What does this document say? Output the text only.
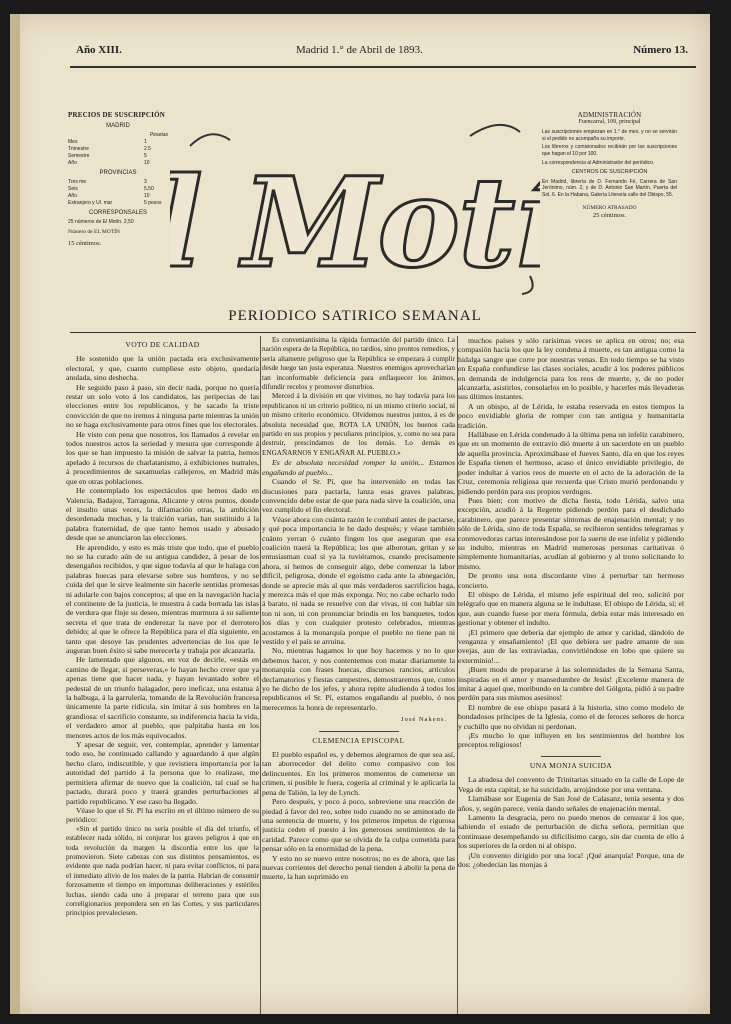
Año XIII.	Madrid 1.° de Abril de 1893.	Número 13.
PRECIOS DE SUSCRIPCIÓN
MADRID
Pesetas
Mes	1
Trimestre	2.5
Semestre	5
Año	10
PROVINCIAS
Tres me	3
Seis	5,50
Año	10
Extranjero y Ul. mar	5 pesos
CORRESPONSALES
25 números de El Motín. 2,50
Número de EL MOTÍN
15 céntimos.	Mot
ADMINISTRACIÓN
Fuencarral, 109, principal

Las suscripciones empiezan en 1.° de mes, y no se servirán si el pedido no acompaña su importe.

Los libreros y comisionados recibirán por las suscripciones que hagan el 10 por 100.

La correspondencia al Administrador del periódico.

CENTROS DE SUSCRIPCIÓN

En Madrid, librería de D. Fernando Fé, Carrera de San Jerónimo, núm. 2, y de D. Antonio San Martín, Puerta del Sol, 6. En la Habana, Galería Literaria calle del Obispo, 55.

NÚMERO ATRASADO
25 céntimos.
PERIODICO SATIRICO SEMANAL
VOTO DE CALIDAD

He sostenido que la unión pactada era exclusivamente electoral, y que, cuanto cumpliese este objeto, quedaría anulada, sino deshecha.

He seguido paso á paso, sin decir nada, porque no quería restar un solo voto á los candidatos, las peripecias de las elecciones entre los republicanos, y he sacado la triste convicción de que no iremos á ninguna parte mientras la unión no se haga exclusivamente para otros fines que los electorales.

He visto con pena que nosotros, los llamados á revelar en todos nuestros actos la seriedad y mesura que corresponde á los que se han impuesto la misión de salvar la patria, hemos apelado á recursos de charlatanismo, á exhibiciones teatrales, á procedimientos de saxamuelas callejeros, en Madrid más que en otras poblaciones.

He contemplado los espectáculos que hemos dado en Valencia, Badajoz, Tarragona, Alicante y otros puntos, donde el insulto unas veces, la difamación otras, la ambición desordenada muchas, y la traición varias, han sustituido á la palabra fraternidad, de que tanto hemos usado y abusado desde que se anunciaron las elecciones.

He aprendido, y esto es más triste que todo, que el pueblo no se ha curado aún de su antigua candidez, á pesar de los desengaños recibidos, y que sigue todavía al que le halaga con palabras huecas para elevarse sobre sus hombros, y no se cuida del que le sirve lealmente sin hacerle sentidas promesas ni adularle con bajos conceptos; al que en la navegación hacia el continente de la justicia, le muestra á cada borrada las islas de verdura que finje su deseo, mientras murmura á su saliente secreta el que trata de enderezar la nave por el derrotero debido; al que le ofrece la República para el día siguiente, en tanto que desoye las prudentes advertencias de los que le auguran buen éxito si sabe merecerla y trabaja por alcanzarla.

He lamentado que algunos, en voz de decirle, «estás en camino de llegar, si perseveras,» le hayan hecho creer que ya apenas tiene que hacer nada, y hayan levantado sobre el pedestal de un triunfo halagador, pero ineficaz, una estatua á la balbuga, á la garrulería, tomando de la Revolución francesa únicamente la parte ridícula, sin imitar á sus hombres en la grandiosa: el sacrificio constante, su indiferencia hacia la vida, el verdadero amor al pueblo, que palpitaba hasta en los menores actos de los más equivocados.

Y apesar de seguir, ver, contemplar, aprender y lamentar todo eso, he continuado callando y aguardando á que algún hecho claro, indiscutible, y que revistiera importancia por la autoridad del partido á la persona que lo realizase, me permitiera afirmar de nuevo que la coalición, tal cual se ha pactado, durará poco y traerá grandes perturbaciones al partido republicano. Y ese caso ha llegado.

Véase lo que el Sr. Pí ha escrito en el último número de su periódico:

«Sin el partido único no sería posible el día del triunfo, el establecer nada sólido, ni conjurar los graves peligros á que en toda revolución da margen la discordia entre los que la promovieron. Siete cabezas con sus distintos pensamientos, es evidente que nada podrían hacer, ni para evitar conflictos, ni para el inmediato alivio de los males de la patria. Habrían de consumir forzosamente el tiempo en importunas deliberaciones y estériles luchas, siendo cada uno á preparar el terreno para que sus correligionarios prepondera sen en las Cortes, y sus particulares principios prevaleciesen.

Es conveniantísima la rápida formación del partido único. La nación espera de la República, no tardíos, sino prontos remedios, y sería altamente peligroso que la República se empezara á cumplir desde luego tan justa esperanza. Nuestros enemigos aprovecharían tan inconformable deficiencia para enflaquecer los ánimos, difundir recelos y promover disturbios.

Merced á la división en que vivimos, no hay todavía para los republicanos ni un criterio político, ni un mismo criterio social, ni un mismo criterio económico. Olvidemos nuestros juntos, á es de absoluta necesidad que, ROTA LA UNIÓN, los buenos cada partido en sus propios y peculiares principios, y, como no sea para destruir, prescindamos de los demás. Lo demás es ENGAÑARNOS Y ENGAÑAR AL PUEBLO.»

Es de absoluta necesidad romper la unión... Estamos engañando al pueblo...

Cuando el Sr. Pí, que ha intervenido en todas las discusiones para pactarla, lanza esas graves palabras, convencido debe estar de que para nada sirve la coalición, una vez cumplido el fin electoral.

Véase ahora con cuánta razón le combatí antes de pactarse, y qué poca importancia le he dado después; y véase también cuánto yerran ó cuánto fingen los que aseguran que esa coalición traerá la República; los que alborotan, gritan y se entusiasman cual si ya la tuviéramos, cuando precisamente ahora, si hemos de conseguir algo, debe comenzar la labor difícil, peligrosa, donde el egoísmo cada ante la abnegación, donde se aprecie más al que más verdaderos sacrificios haga, y merezca más el que más exponga. No; no cabe echarlo todo á barato, ni nada se resuelve con dar vivas, ni con hablar sin ton ni son, ni con pronunciar brindis en los banquetes, todos los días y con cualquier protesto celebrados, mientras acostamos á la monarquía porque el pueblo no tiene pan ni vestido y el país se arruina.

No, mientras hagamos lo que hoy hacemos y no lo que debemos hacer, y nos contentemos con matar diariamente la monarquía con frases huecas, discursos rancios, artículos declamatorios y fiestas campestres, demostraremos que, como yo he dicho de los jefes, y ahora repite aludiendo á todos los republicanos el Sr. Pí, estamos engañando al pueblo, ó nos merecemos la honra de representarlo.

José Nakens.

CLEMENCIA EPISCOPAL

El pueblo español es, y debemos alegrarnos de que sea así, tan aborrecedor del delito como compasivo con los delincuentes. En los primeros momentos de cometerse un crimen, si posible le fuera, cogería al criminal y le aplicaría la pena de Talión, la ley de Lynch.

Pero después, y poco á poco, sobreviene una reacción de piedad á favor del reo, sobre todo cuando no se aminorado de una sentencia de muerte, y los primeros ímpetus de rigurosa justicia ceden el puesto á los generosos sentimientos de la caridad. Parece como que se olvida de la culpa cometida para pensar sólo en la enormidad de la pena.

Y esto no se nuevo entre nosotros; no es de ahora, que las nuevas corrientes del derecho penal tienden á abolir la pena de muerte, la han suprimido en

muchos países y sólo rarísimas veces se aplica en otros; no; esa compasión hacia los que la ley condena á muerte, es tan antigua como la hidalga sangre que corre por nuestras venas. En todo tiempo se ha visto en España confundirse las clases sociales, acudir á los poderes públicos en demanda de indulgencia para los reos de muerte, y, de no poder alcanzarla, asistirlos, consolarlos en lo posible, y hacerles más llevaderas sus últimos instantes.

A un obispo, al de Lérida, le estaba reservada en estos tiempos la poco envidiable gloria de romper con tan antigua y humanitaria tradición.

Hallábase en Lérida condenado á la última pena un infeliz carabinero, que en un momento de extravío dió muerte á un sacerdote en un pueblo de aquella provincia. Aproximábase el Jueves Santo, día en que los reyes de España tienen el hermoso, acaso el único envidiable privilegio, de poder indultar á varios reos de muerte en el acto de la adoración de la Cruz, ceremonia religiosa que recuerda que Cristo murió perdonando y pidiendo perdón para sus propios verdugos.

Pues bien; con motivo de dicha fiesta, todo Lérida, salvo una excepción, acudió á la Regente pidiendo perdón para el desdichado carabinero, que parece presentar síntomas de enajenación mental; y no sólo de Lérida, sino de toda España, se recibieron sentidos telegramas y conmovedoras cartas interesándose por la suerte de ese infeliz y pidiendo su indulto, mientras en Madrid numerosas personas caritativas ó simplemente humanitarias, acudían al gobierno y al trono solicitando lo mismo.

De pronto una nota discordante vino á perturbar tan hermoso concierto.

El obispo de Lérida, el mismo jefe espiritual del reo, solicitó por telégrafo que en manera alguna se le indultase. El obispo de Lérida, sí; el que, aun cuando fuese por mera fórmula, debía estar más interesado en gestionar y obtener el indulto.

¡El primero que debería dar ejemplo de amor y caridad, dándolo de venganza y ensañamiento! ¡El que debiera ser padre amante de sus ovejas, aun de las extraviadas, convirtiéndose en lobo que quiere su exterminio!...

¡Buen modo de prepararse á las solemnidades de la Semana Santa, inspiradas en el amor y mansedumbre de Jesús! ¡Excelente manera de imitar á aquel que, moribundo en la cumbre del Gólgota, pidió á su padre perdón para sus mismos asesinos!

El nombre de ese obispo pasará á la historia, sino como modelo de bondadosos príncipes de la Iglesia, como el de feroces señores de horca y cuchillo que no olvidan ni perdonan.

¡Es mucho lo que influyen en los sentimientos del hombre los preceptos religiosos!

UNA MONJA SUICIDA

La abadesa del convento de Trinitarias situado en la calle de Lope de Vega de esta capital, se ha suicidado, arrojándose por una ventana.

Llamábase sor Eugenia de San José de Calasanz, tenía sesenta y dos años, y, según parece, venía dando señales de enajenación mental.

Lamento la desgracia, pero no puedo menos de censurar á los que, sabiendo el estado de perturbación de dicha señora, permitían que continuase desempeñando su dificilísimo cargo, sin dar cuenta de ello á los superiores de la orden ni al obispo.

¡Un convento dirigido por una loca! ¡Qué anarquía! Porque, una de dos: ¿obedecían las monjas á
